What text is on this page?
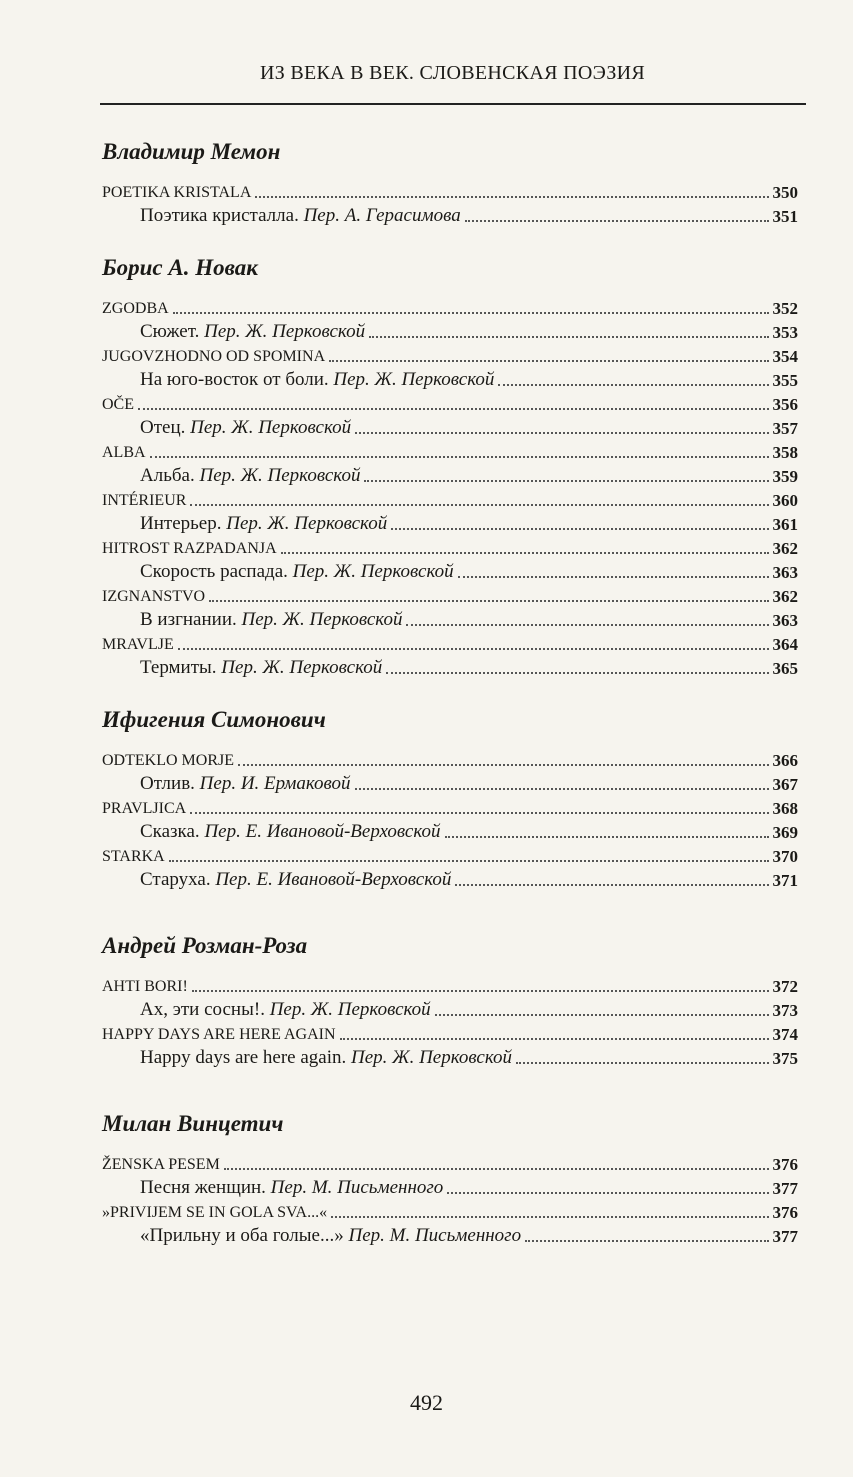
ИЗ ВЕКА В ВЕК. СЛОВЕНСКАЯ ПОЭЗИЯ
Владимир Мемон
POETIKA KRISTALA	350
Поэтика кристалла. Пер. А. Герасимова	351
Борис А. Новак
ZGODBA	352
Сюжет. Пер. Ж. Перковской	353
JUGOVZHODNO OD SPOMINA	354
На юго-восток от боли. Пер. Ж. Перковской	355
OČE	356
Отец. Пер. Ж. Перковской	357
ALBA	358
Альба. Пер. Ж. Перковской	359
INTÉRIEUR	360
Интерьер. Пер. Ж. Перковской	361
HITROST RAZPADANJA	362
Скорость распада. Пер. Ж. Перковской	363
IZGNANSTVO	362
В изгнании. Пер. Ж. Перковской	363
MRAVLJE	364
Термиты. Пер. Ж. Перковской	365
Ифигения Симонович
ODTEKLO MORJE	366
Отлив. Пер. И. Ермаковой	367
PRAVLJICA	368
Сказка. Пер. Е. Ивановой-Верховской	369
STARKA	370
Старуха. Пер. Е. Ивановой-Верховской	371
Андрей Розман-Роза
AHTI BORI!	372
Ах, эти сосны!. Пер. Ж. Перковской	373
HAPPY DAYS ARE HERE AGAIN	374
Happy days are here again. Пер. Ж. Перковской	375
Милан Винцетич
ŽENSKA PESEM	376
Песня женщин. Пер. М. Письменного	377
»PRIVIJEM SE IN GOLA SVA...«	376
«Прильну и оба голые...» Пер. М. Письменного	377
492
